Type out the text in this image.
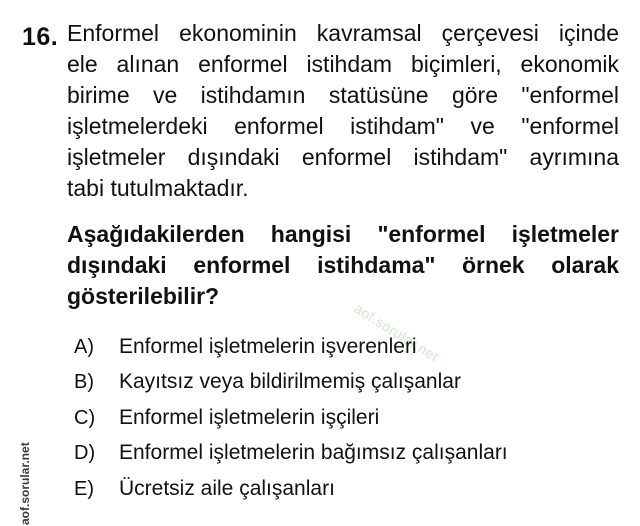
16. Enformel ekonominin kavramsal çerçevesi içinde
ele alınan enformel istihdam biçimleri, ekonomik
birime ve istihdamın statüsüne göre "enformel
işletmelerdeki enformel istihdam" ve "enformel
işletmeler dışındaki enformel istihdam" ayrımına
tabi tutulmaktadır.
Aşağıdakilerden hangisi "enformel işletmeler
dışındaki enformel istihdama" örnek olarak
gösterilebilir?
aof.sorular.net
A) Enformel işletmelerin işverenleri
B) Kayıtsız veya bildirilmemiş çalışanlar
C) Enformel işletmelerin işçileri
D) Enformel işletmelerin bağımsız çalışanları
E) Ücretsiz aile çalışanları
aof.sorular.net
